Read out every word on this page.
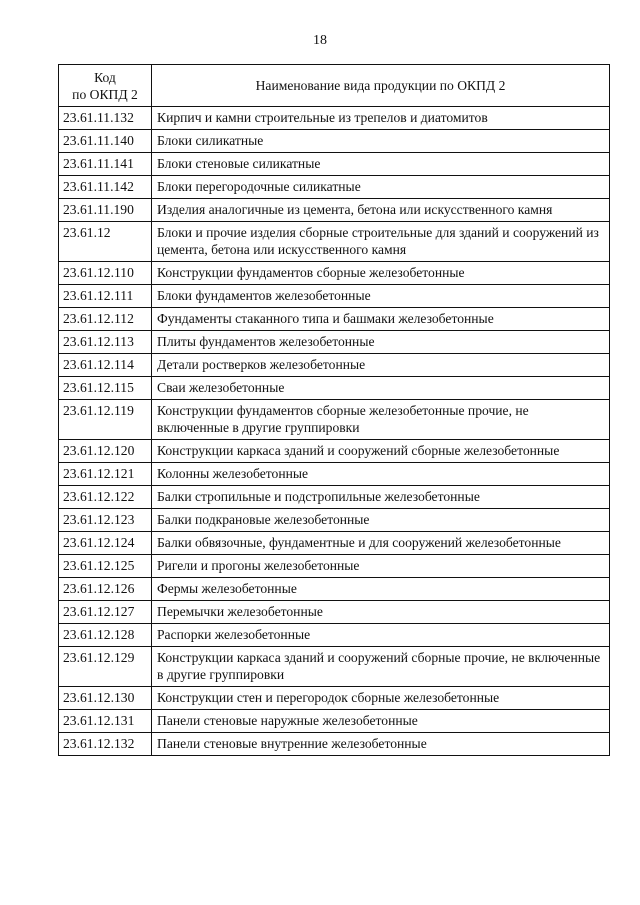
18
Код
по ОКПД 2	Наименование вида продукции по ОКПД 2
23.61.11.132	Кирпич и камни строительные из трепелов и диатомитов
23.61.11.140	Блоки силикатные
23.61.11.141	Блоки стеновые силикатные
23.61.11.142	Блоки перегородочные силикатные
23.61.11.190	Изделия аналогичные из цемента, бетона или искусственного камня
23.61.12	Блоки и прочие изделия сборные строительные для зданий и сооружений из цемента, бетона или искусственного камня
23.61.12.110	Конструкции фундаментов сборные железобетонные
23.61.12.111	Блоки фундаментов железобетонные
23.61.12.112	Фундаменты стаканного типа и башмаки железобетонные
23.61.12.113	Плиты фундаментов железобетонные
23.61.12.114	Детали ростверков железобетонные
23.61.12.115	Сваи железобетонные
23.61.12.119	Конструкции фундаментов сборные железобетонные прочие, не включенные в другие группировки
23.61.12.120	Конструкции каркаса зданий и сооружений сборные железобетонные
23.61.12.121	Колонны железобетонные
23.61.12.122	Балки стропильные и подстропильные железобетонные
23.61.12.123	Балки подкрановые железобетонные
23.61.12.124	Балки обвязочные, фундаментные и для сооружений железобетонные
23.61.12.125	Ригели и прогоны железобетонные
23.61.12.126	Фермы железобетонные
23.61.12.127	Перемычки железобетонные
23.61.12.128	Распорки железобетонные
23.61.12.129	Конструкции каркаса зданий и сооружений сборные прочие, не включенные в другие группировки
23.61.12.130	Конструкции стен и перегородок сборные железобетонные
23.61.12.131	Панели стеновые наружные железобетонные
23.61.12.132	Панели стеновые внутренние железобетонные
